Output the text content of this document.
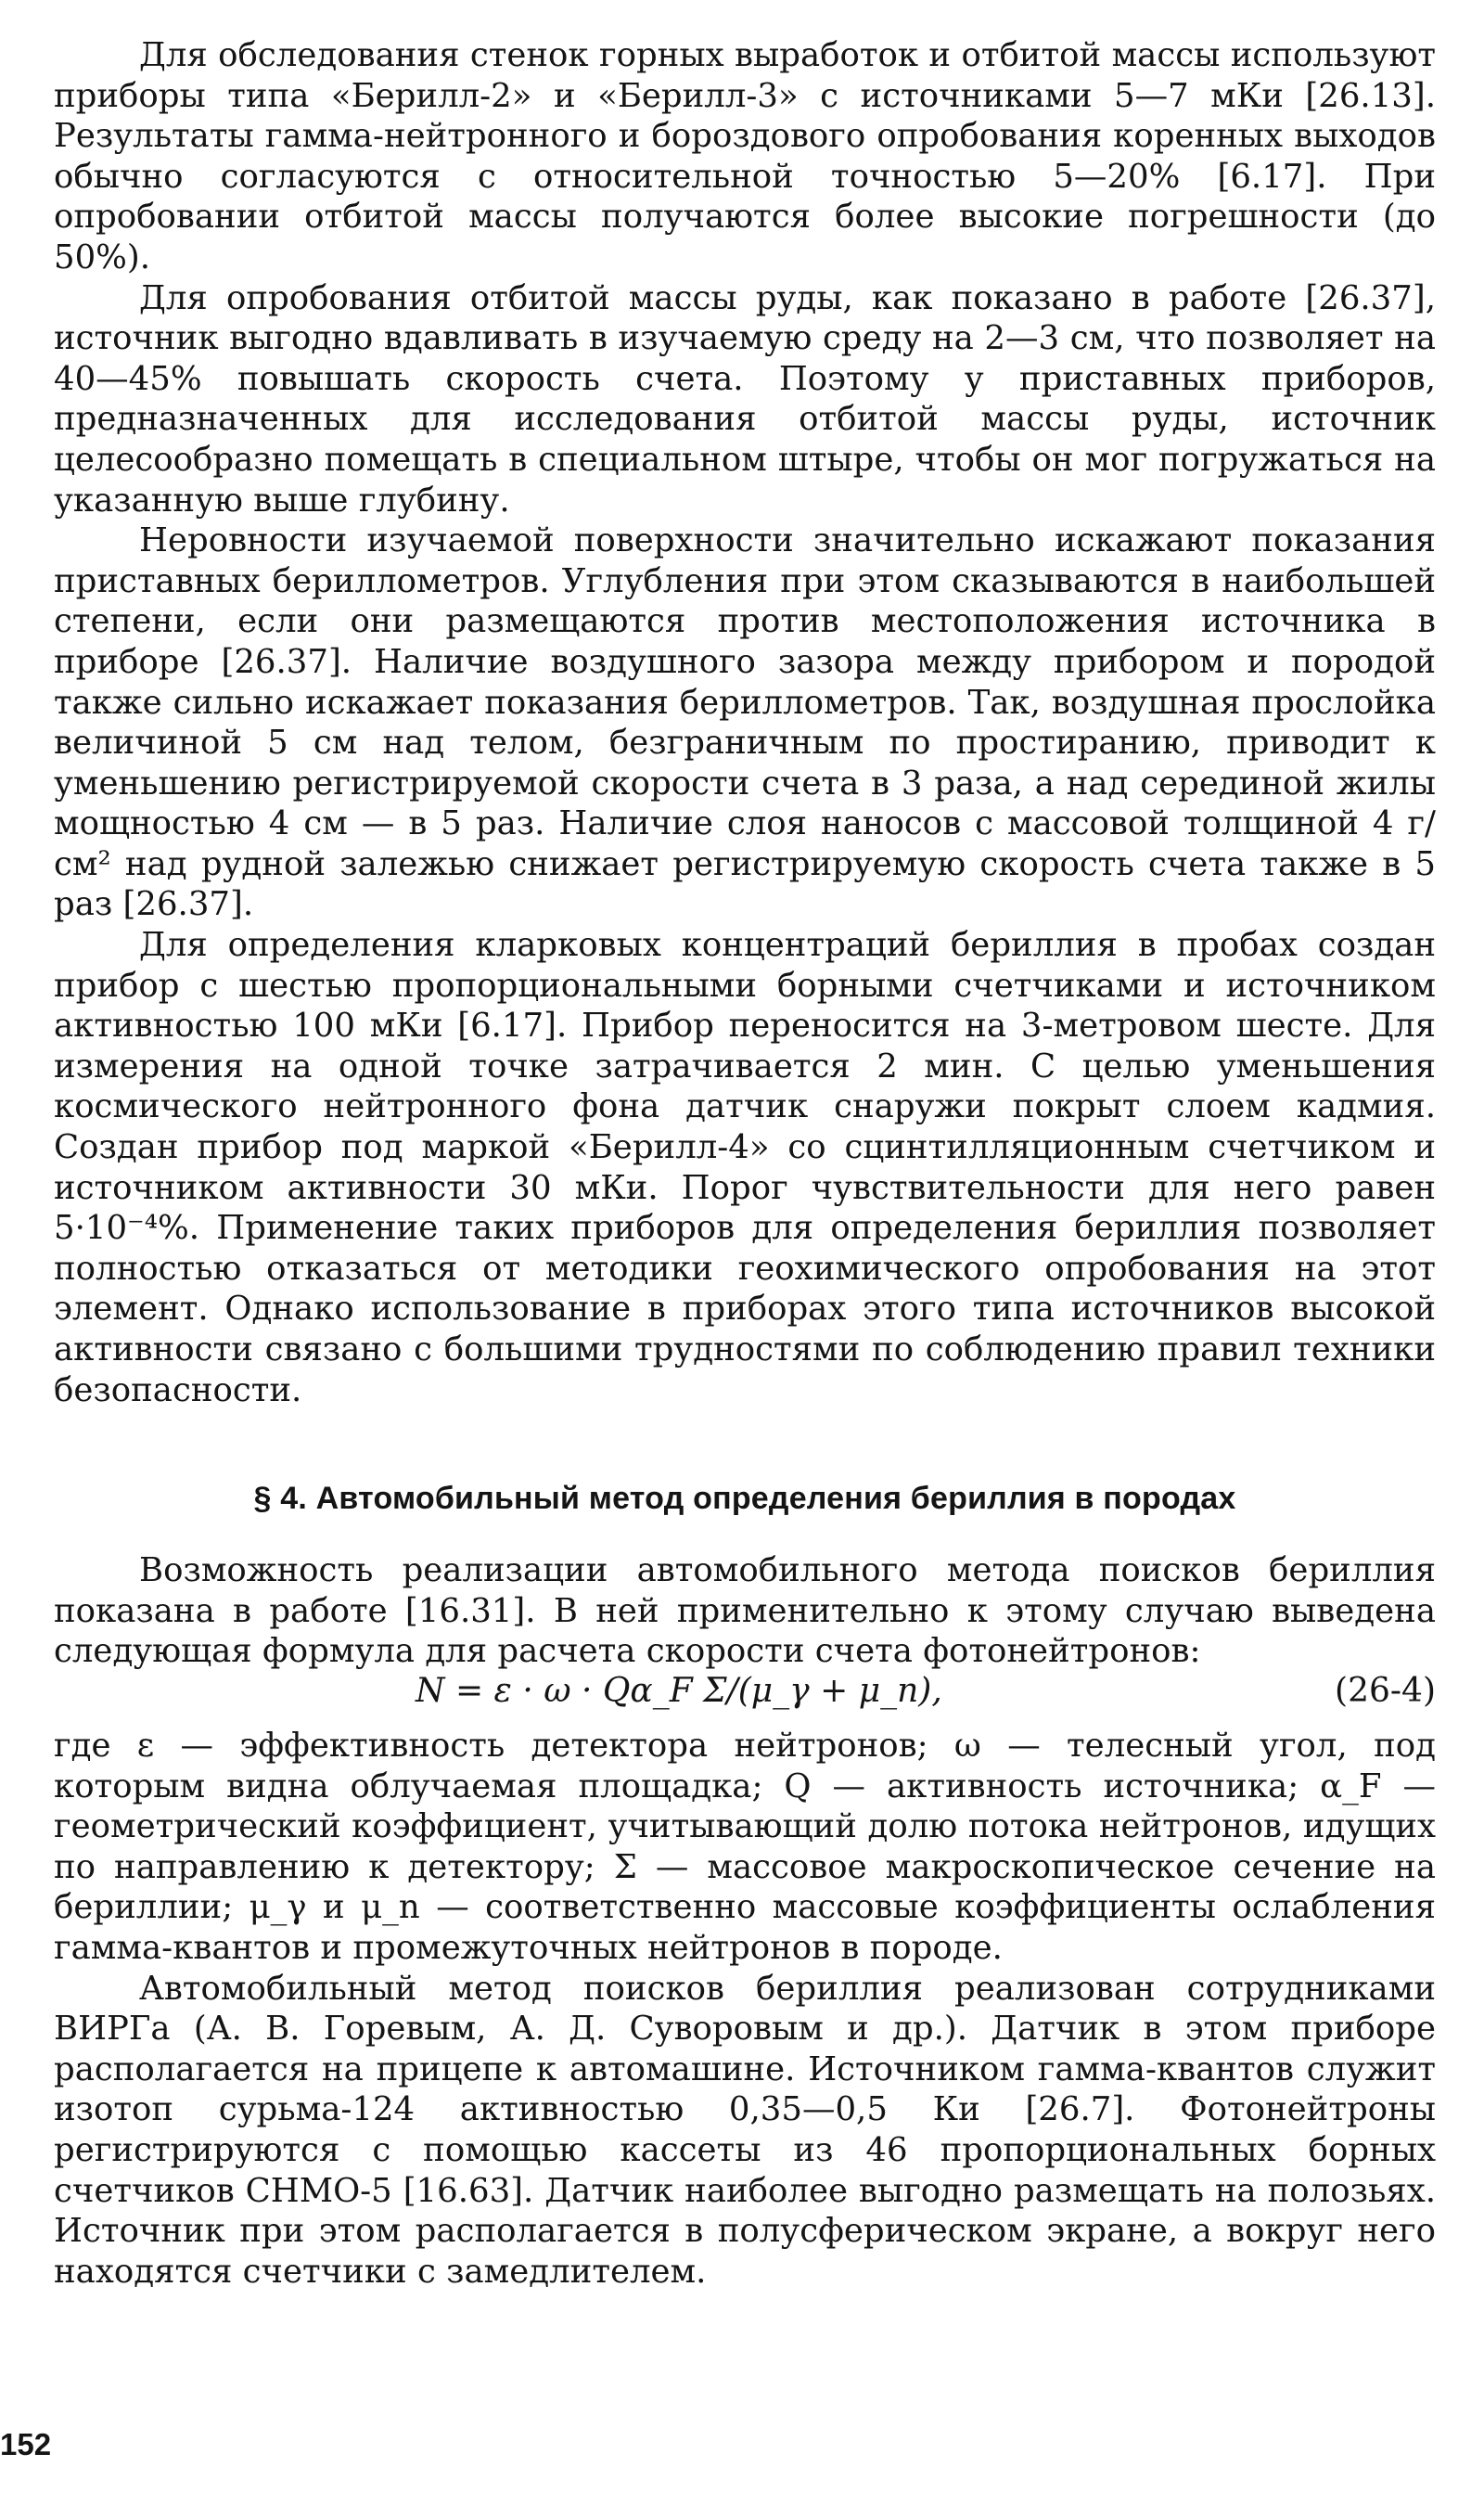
Для обследования стенок горных выработок и отбитой массы используют приборы типа «Берилл-2» и «Берилл-3» с источниками 5—7 мКи [26.13]. Результаты гамма-нейтронного и бороздового опробования коренных выходов обычно согласуются с относительной точностью 5—20% [6.17]. При опробовании отбитой массы получаются более высокие погрешности (до 50%).

Для опробования отбитой массы руды, как показано в работе [26.37], источник выгодно вдавливать в изучаемую среду на 2—3 см, что позволяет на 40—45% повышать скорость счета. Поэтому у приставных приборов, предназначенных для исследования отбитой массы руды, источник целесообразно помещать в специальном штыре, чтобы он мог погружаться на указанную выше глубину.

Неровности изучаемой поверхности значительно искажают показания приставных бериллометров. Углубления при этом сказываются в наибольшей степени, если они размещаются против местоположения источника в приборе [26.37]. Наличие воздушного зазора между прибором и породой также сильно искажает показания бериллометров. Так, воздушная прослойка величиной 5 см над телом, безграничным по простиранию, приводит к уменьшению регистрируемой скорости счета в 3 раза, а над серединой жилы мощностью 4 см — в 5 раз. Наличие слоя наносов с массовой толщиной 4 г/см² над рудной залежью снижает регистрируемую скорость счета также в 5 раз [26.37].

Для определения кларковых концентраций бериллия в пробах создан прибор с шестью пропорциональными борными счетчиками и источником активностью 100 мКи [6.17]. Прибор переносится на 3-метровом шесте. Для измерения на одной точке затрачивается 2 мин. С целью уменьшения космического нейтронного фона датчик снаружи покрыт слоем кадмия. Создан прибор под маркой «Берилл-4» со сцинтилляционным счетчиком и источником активности 30 мКи. Порог чувствительности для него равен 5·10⁻⁴%. Применение таких приборов для определения бериллия позволяет полностью отказаться от методики геохимического опробования на этот элемент. Однако использование в приборах этого типа источников высокой активности связано с большими трудностями по соблюдению правил техники безопасности.

§ 4. Автомобильный метод определения бериллия в породах

Возможность реализации автомобильного метода поисков бериллия показана в работе [16.31]. В ней применительно к этому случаю выведена следующая формула для расчета скорости счета фотонейтронов:

N = ε · ω · Qα_F Σ/(μ_γ + μ_n),	(26-4)

где ε — эффективность детектора нейтронов; ω — телесный угол, под которым видна облучаемая площадка; Q — активность источника; α_F — геометрический коэффициент, учитывающий долю потока нейтронов, идущих по направлению к детектору; Σ — массовое макроскопическое сечение на бериллии; μ_γ и μ_n — соответственно массовые коэффициенты ослабления гамма-квантов и промежуточных нейтронов в породе.

Автомобильный метод поисков бериллия реализован сотрудниками ВИРГа (А. В. Горевым, А. Д. Суворовым и др.). Датчик в этом приборе располагается на прицепе к автомашине. Источником гамма-квантов служит изотоп сурьма-124 активностью 0,35—0,5 Ки [26.7]. Фотонейтроны регистрируются с помощью кассеты из 46 пропорциональных борных счетчиков СНМО-5 [16.63]. Датчик наиболее выгодно размещать на полозьях. Источник при этом располагается в полусферическом экране, а вокруг него находятся счетчики с замедлителем.

152
